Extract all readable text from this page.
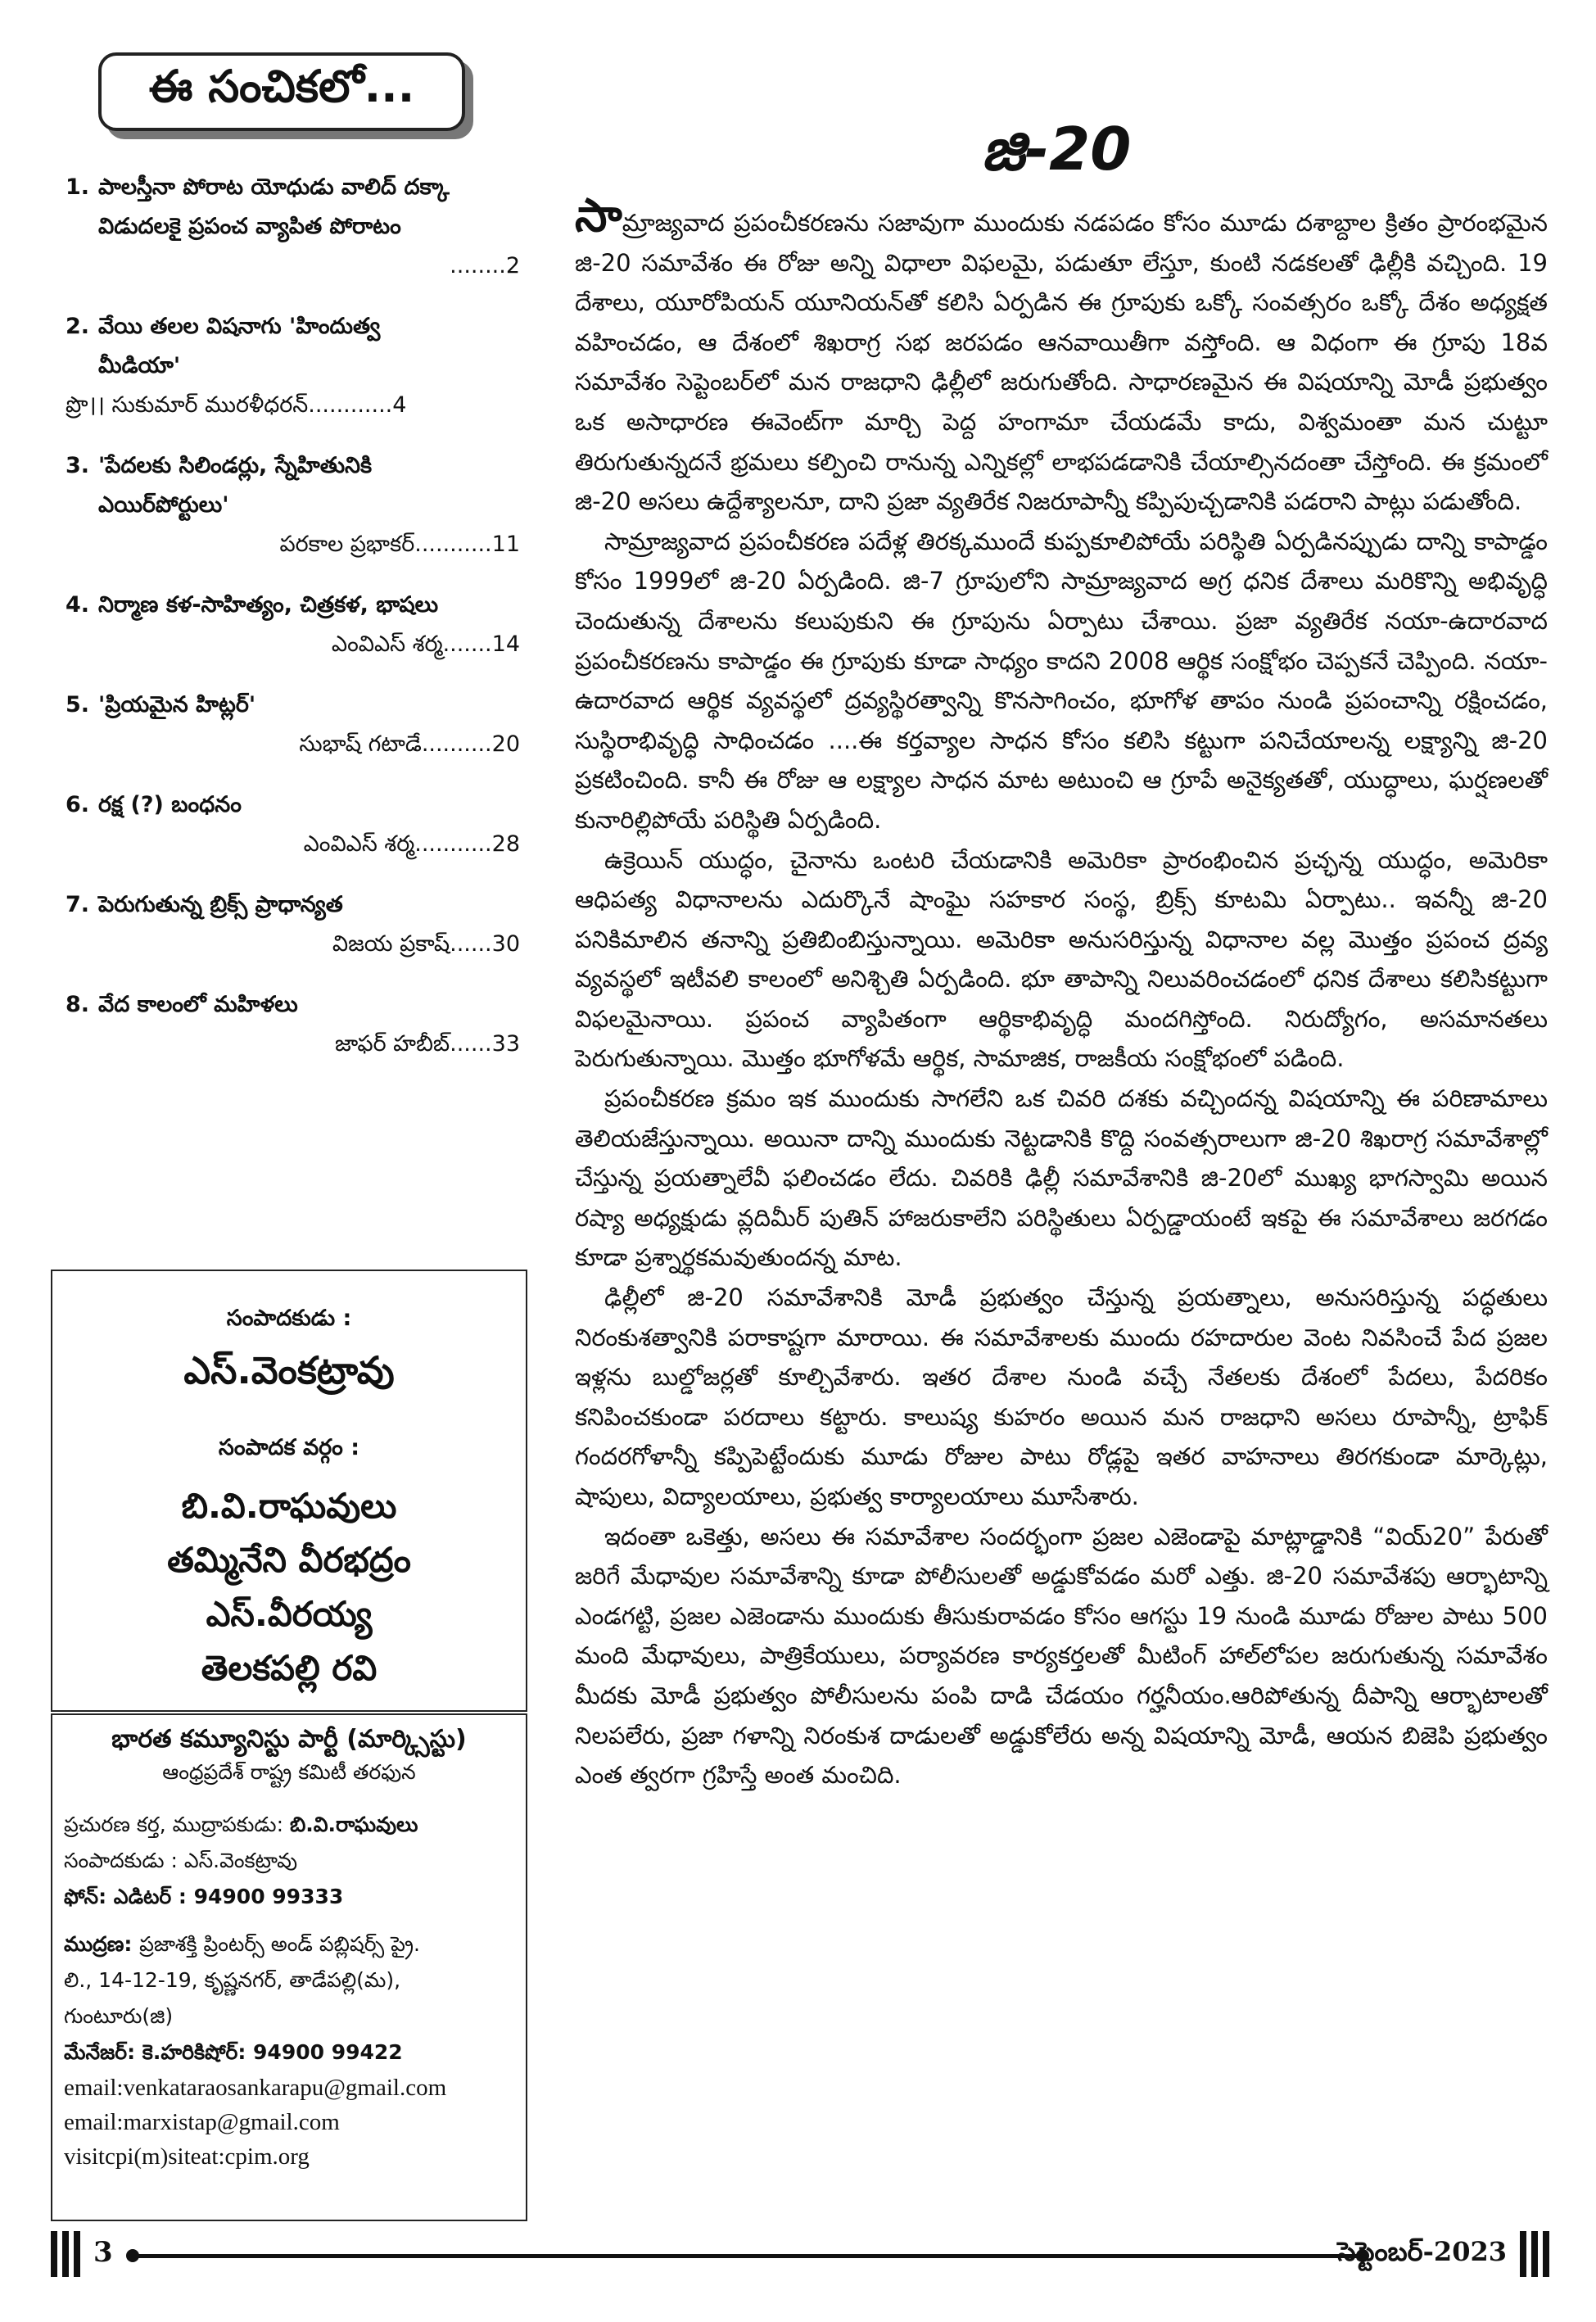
ఈ సంచికలో...
1. పాలస్తీనా పోరాట యోధుడు వాలిద్ దక్కా
విడుదలకై ప్రపంచ వ్యాపిత పోరాటం
........2
2. వేయి తలల విషనాగు 'హిందుత్వ
మీడియా'
ప్రొ।। సుకుమార్ మురళీధరన్ ............4
3. 'పేదలకు సిలిండర్లు, స్నేహితునికి
ఎయిర్‌పోర్టులు'
పరకాల ప్రభాకర్ ...........11
4. నిర్మాణ కళ-సాహిత్యం, చిత్రకళ, భాషలు
ఎంవిఎస్ శర్మ .......14
5. 'ప్రియమైన హిట్లర్'
సుభాష్ గటాడే ..........20
6. రక్ష (?) బంధనం
ఎంవిఎస్ శర్మ ...........28
7. పెరుగుతున్న బ్రిక్స్ ప్రాధాన్యత
విజయ ప్రకాష్ ......30
8. వేద కాలంలో మహిళలు
జాఫర్ హబీబ్ ......33
సంపాదకుడు :
ఎస్.వెంకట్రావు
సంపాదక వర్గం :
బి.వి.రాఘవులు
తమ్మినేని వీరభద్రం
ఎస్.వీరయ్య
తెలకపల్లి రవి
భారత కమ్యూనిస్టు పార్టీ (మార్క్సిస్టు)
ఆంధ్రప్రదేశ్ రాష్ట్ర కమిటీ తరఫున
ప్రచురణ కర్త, ముద్రాపకుడు: బి.వి.రాఘవులు
సంపాదకుడు : ఎస్.వెంకట్రావు
ఫోన్: ఎడిటర్ : 94900 99333
ముద్రణ: ప్రజాశక్తి ప్రింటర్స్ అండ్ పబ్లిషర్స్ ప్రై.
లి., 14-12-19, కృష్ణనగర్, తాడేపల్లి(మ),
గుంటూరు(జి)
మేనేజర్: కె.హరికిషోర్: 94900 99422
email:venkataraosankarapu@gmail.com
email:marxistap@gmail.com
visitcpi(m)siteat:cpim.org
జి-20

సామ్రాజ్యవాద ప్రపంచీకరణను సజావుగా ముందుకు నడపడం కోసం మూడు దశాబ్దాల క్రితం ప్రారంభమైన జి-20 సమావేశం ఈ రోజు అన్ని విధాలా విఫలమై, పడుతూ లేస్తూ, కుంటి నడకలతో ఢిల్లీకి వచ్చింది. 19 దేశాలు, యూరోపియన్ యూనియన్‌తో కలిసి ఏర్పడిన ఈ గ్రూపుకు ఒక్కో సంవత్సరం ఒక్కో దేశం అధ్యక్షత వహించడం, ఆ దేశంలో శిఖరాగ్ర సభ జరపడం ఆనవాయితీగా వస్తోంది. ఆ విధంగా ఈ గ్రూపు 18వ సమావేశం సెప్టెంబర్‌లో మన రాజధాని ఢిల్లీలో జరుగుతోంది. సాధారణమైన ఈ విషయాన్ని మోడీ ప్రభుత్వం ఒక అసాధారణ ఈవెంట్‌గా మార్చి పెద్ద హంగామా చేయడమే కాదు, విశ్వమంతా మన చుట్టూ తిరుగుతున్నదనే భ్రమలు కల్పించి రానున్న ఎన్నికల్లో లాభపడడానికి చేయాల్సినదంతా చేస్తోంది. ఈ క్రమంలో జి-20 అసలు ఉద్దేశ్యాలనూ, దాని ప్రజా వ్యతిరేక నిజరూపాన్నీ కప్పిపుచ్చడానికి పడరాని పాట్లు పడుతోంది.

సామ్రాజ్యవాద ప్రపంచీకరణ పదేళ్ల తిరక్కముందే కుప్పకూలిపోయే పరిస్థితి ఏర్పడినప్పుడు దాన్ని కాపాడ్డం కోసం 1999లో జి-20 ఏర్పడింది. జి-7 గ్రూపులోని సామ్రాజ్యవాద అగ్ర ధనిక దేశాలు మరికొన్ని అభివృద్ధి చెందుతున్న దేశాలను కలుపుకుని ఈ గ్రూపును ఏర్పాటు చేశాయి. ప్రజా వ్యతిరేక నయా-ఉదారవాద ప్రపంచీకరణను కాపాడ్డం ఈ గ్రూపుకు కూడా సాధ్యం కాదని 2008 ఆర్థిక సంక్షోభం చెప్పకనే చెప్పింది. నయా-ఉదారవాద ఆర్థిక వ్యవస్థలో ద్రవ్యస్థిరత్వాన్ని కొనసాగించం, భూగోళ తాపం నుండి ప్రపంచాన్ని రక్షించడం, సుస్థిరాభివృద్ధి సాధించడం ....ఈ కర్తవ్యాల సాధన కోసం కలిసి కట్టుగా పనిచేయాలన్న లక్ష్యాన్ని జి-20 ప్రకటించింది. కానీ ఈ రోజు ఆ లక్ష్యాల సాధన మాట అటుంచి ఆ గ్రూపే అనైక్యతతో, యుద్ధాలు, ఘర్షణలతో కునారిల్లిపోయే పరిస్థితి ఏర్పడింది.

ఉక్రెయిన్ యుద్ధం, చైనాను ఒంటరి చేయడానికి అమెరికా ప్రారంభించిన ప్రచ్ఛన్న యుద్ధం, అమెరికా ఆధిపత్య విధానాలను ఎదుర్కొనే షాంఘై సహకార సంస్థ, బ్రిక్స్ కూటమి ఏర్పాటు.. ఇవన్నీ జి-20 పనికిమాలిన తనాన్ని ప్రతిబింబిస్తున్నాయి. అమెరికా అనుసరిస్తున్న విధానాల వల్ల మొత్తం ప్రపంచ ద్రవ్య వ్యవస్థలో ఇటీవలి కాలంలో అనిశ్చితి ఏర్పడింది. భూ తాపాన్ని నిలువరించడంలో ధనిక దేశాలు కలిసికట్టుగా విఫలమైనాయి. ప్రపంచ వ్యాపితంగా ఆర్థికాభివృద్ధి మందగిస్తోంది. నిరుద్యోగం, అసమానతలు పెరుగుతున్నాయి. మొత్తం భూగోళమే ఆర్థిక, సామాజిక, రాజకీయ సంక్షోభంలో పడింది.

ప్రపంచీకరణ క్రమం ఇక ముందుకు సాగలేని ఒక చివరి దశకు వచ్చిందన్న విషయాన్ని ఈ పరిణామాలు తెలియజేస్తున్నాయి. అయినా దాన్ని ముందుకు నెట్టడానికి కొద్ది సంవత్సరాలుగా జి-20 శిఖరాగ్ర సమావేశాల్లో చేస్తున్న ప్రయత్నాలేవీ ఫలించడం లేదు. చివరికి ఢిల్లీ సమావేశానికి జి-20లో ముఖ్య భాగస్వామి అయిన రష్యా అధ్యక్షుడు వ్లదిమీర్ పుతిన్ హాజరుకాలేని పరిస్థితులు ఏర్పడ్డాయంటే ఇకపై ఈ సమావేశాలు జరగడం కూడా ప్రశ్నార్థకమవుతుందన్న మాట.

ఢిల్లీలో జి-20 సమావేశానికి మోడీ ప్రభుత్వం చేస్తున్న ప్రయత్నాలు, అనుసరిస్తున్న పద్ధతులు నిరంకుశత్వానికి పరాకాష్టగా మారాయి. ఈ సమావేశాలకు ముందు రహదారుల వెంట నివసించే పేద ప్రజల ఇళ్లను బుల్డోజర్లతో కూల్చివేశారు. ఇతర దేశాల నుండి వచ్చే నేతలకు దేశంలో పేదలు, పేదరికం కనిపించకుండా పరదాలు కట్టారు. కాలుష్య కుహరం అయిన మన రాజధాని అసలు రూపాన్నీ, ట్రాఫిక్ గందరగోళాన్నీ కప్పిపెట్టేందుకు మూడు రోజుల పాటు రోడ్లపై ఇతర వాహనాలు తిరగకుండా మార్కెట్లు, షాపులు, విద్యాలయాలు, ప్రభుత్వ కార్యాలయాలు మూసేశారు.

ఇదంతా ఒకెత్తు, అసలు ఈ సమావేశాల సందర్భంగా ప్రజల ఎజెండాపై మాట్లాడ్డానికి “వియ్20” పేరుతో జరిగే మేధావుల సమావేశాన్ని కూడా పోలీసులతో అడ్డుకోవడం మరో ఎత్తు. జి-20 సమావేశపు ఆర్భాటాన్ని ఎండగట్టి, ప్రజల ఎజెండాను ముందుకు తీసుకురావడం కోసం ఆగస్టు 19 నుండి మూడు రోజుల పాటు 500 మంది మేధావులు, పాత్రికేయులు, పర్యావరణ కార్యకర్తలతో మీటింగ్ హాల్‌లోపల జరుగుతున్న సమావేశం మీదకు మోడీ ప్రభుత్వం పోలీసులను పంపి దాడి చేడయం గర్హనీయం.ఆరిపోతున్న దీపాన్ని ఆర్భాటాలతో నిలపలేరు, ప్రజా గళాన్ని నిరంకుశ దాడులతో అడ్డుకోలేరు అన్న విషయాన్ని మోడీ, ఆయన బిజెపి ప్రభుత్వం ఎంత త్వరగా గ్రహిస్తే అంత మంచిది.

3	సెప్టెంబర్-2023
